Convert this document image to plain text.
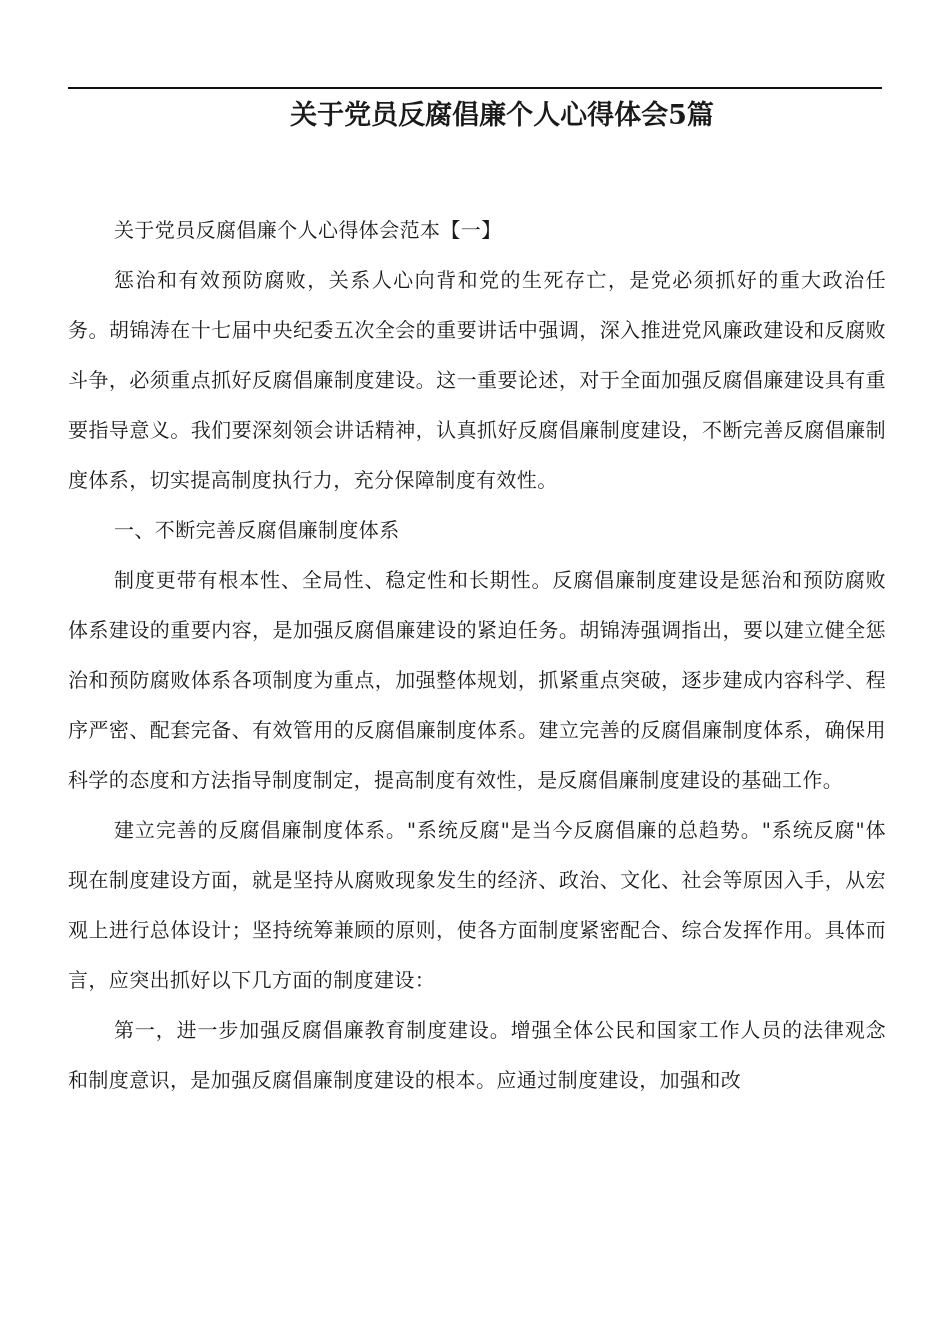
关于党员反腐倡廉个人心得体会5篇

关于党员反腐倡廉个人心得体会范本【一】

惩治和有效预防腐败，关系人心向背和党的生死存亡，是党必须抓好的重大政治任务。胡锦涛在十七届中央纪委五次全会的重要讲话中强调，深入推进党风廉政建设和反腐败斗争，必须重点抓好反腐倡廉制度建设。这一重要论述，对于全面加强反腐倡廉建设具有重要指导意义。我们要深刻领会讲话精神，认真抓好反腐倡廉制度建设，不断完善反腐倡廉制度体系，切实提高制度执行力，充分保障制度有效性。

一、不断完善反腐倡廉制度体系

制度更带有根本性、全局性、稳定性和长期性。反腐倡廉制度建设是惩治和预防腐败体系建设的重要内容，是加强反腐倡廉建设的紧迫任务。胡锦涛强调指出，要以建立健全惩治和预防腐败体系各项制度为重点，加强整体规划，抓紧重点突破，逐步建成内容科学、程序严密、配套完备、有效管用的反腐倡廉制度体系。建立完善的反腐倡廉制度体系，确保用科学的态度和方法指导制度制定，提高制度有效性，是反腐倡廉制度建设的基础工作。

建立完善的反腐倡廉制度体系。"系统反腐"是当今反腐倡廉的总趋势。"系统反腐"体现在制度建设方面，就是坚持从腐败现象发生的经济、政治、文化、社会等原因入手，从宏观上进行总体设计；坚持统筹兼顾的原则，使各方面制度紧密配合、综合发挥作用。具体而言，应突出抓好以下几方面的制度建设：

第一，进一步加强反腐倡廉教育制度建设。增强全体公民和国家工作人员的法律观念和制度意识，是加强反腐倡廉制度建设的根本。应通过制度建设，加强和改
